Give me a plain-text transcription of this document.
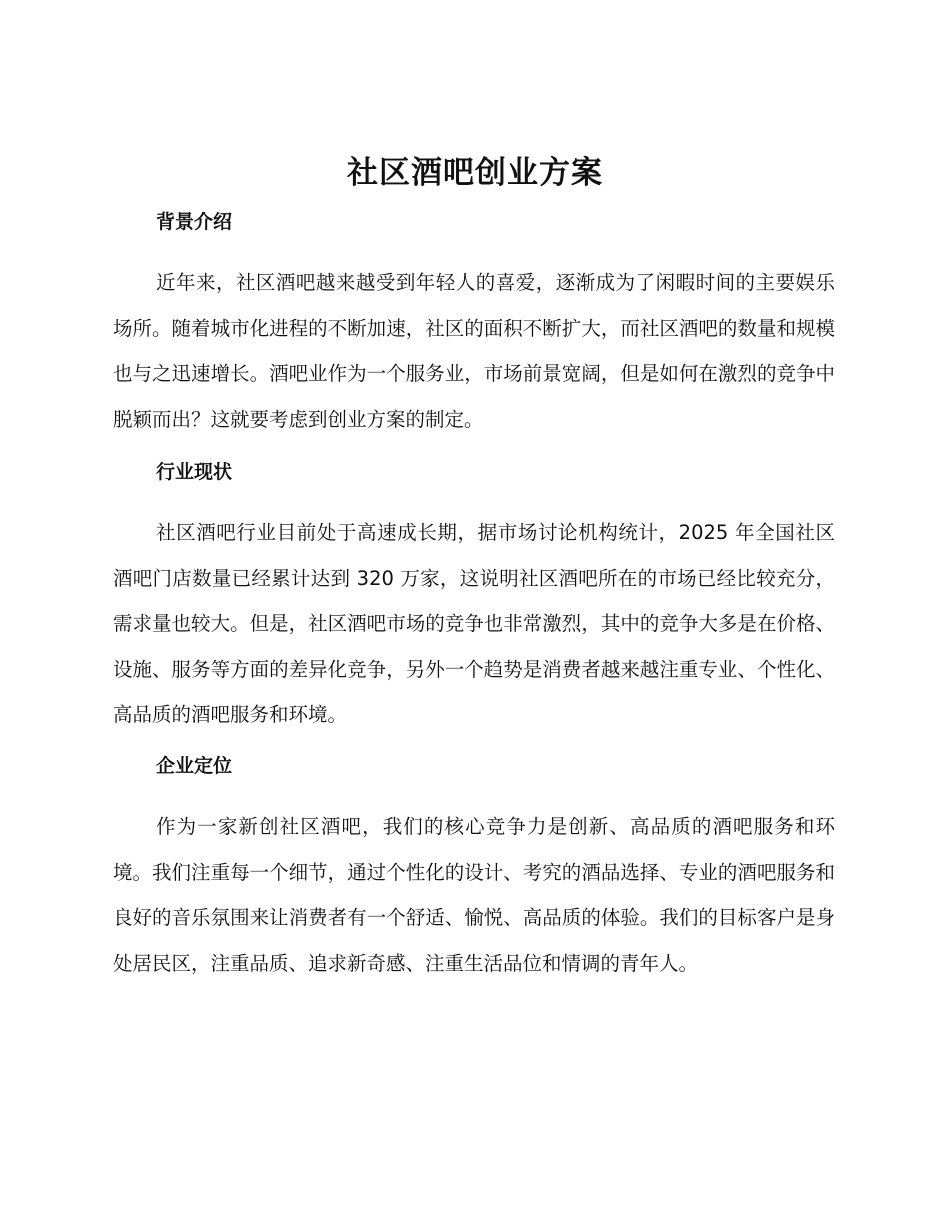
社区酒吧创业方案
背景介绍

近年来，社区酒吧越来越受到年轻人的喜爱，逐渐成为了闲暇时间的主要娱乐场所。随着城市化进程的不断加速，社区的面积不断扩大，而社区酒吧的数量和规模也与之迅速增长。酒吧业作为一个服务业，市场前景宽阔，但是如何在激烈的竞争中脱颖而出？这就要考虑到创业方案的制定。

行业现状

社区酒吧行业目前处于高速成长期，据市场讨论机构统计，2025 年全国社区酒吧门店数量已经累计达到 320 万家，这说明社区酒吧所在的市场已经比较充分，需求量也较大。但是，社区酒吧市场的竞争也非常激烈，其中的竞争大多是在价格、设施、服务等方面的差异化竞争，另外一个趋势是消费者越来越注重专业、个性化、高品质的酒吧服务和环境。

企业定位

作为一家新创社区酒吧，我们的核心竞争力是创新、高品质的酒吧服务和环境。我们注重每一个细节，通过个性化的设计、考究的酒品选择、专业的酒吧服务和良好的音乐氛围来让消费者有一个舒适、愉悦、高品质的体验。我们的目标客户是身处居民区，注重品质、追求新奇感、注重生活品位和情调的青年人。
